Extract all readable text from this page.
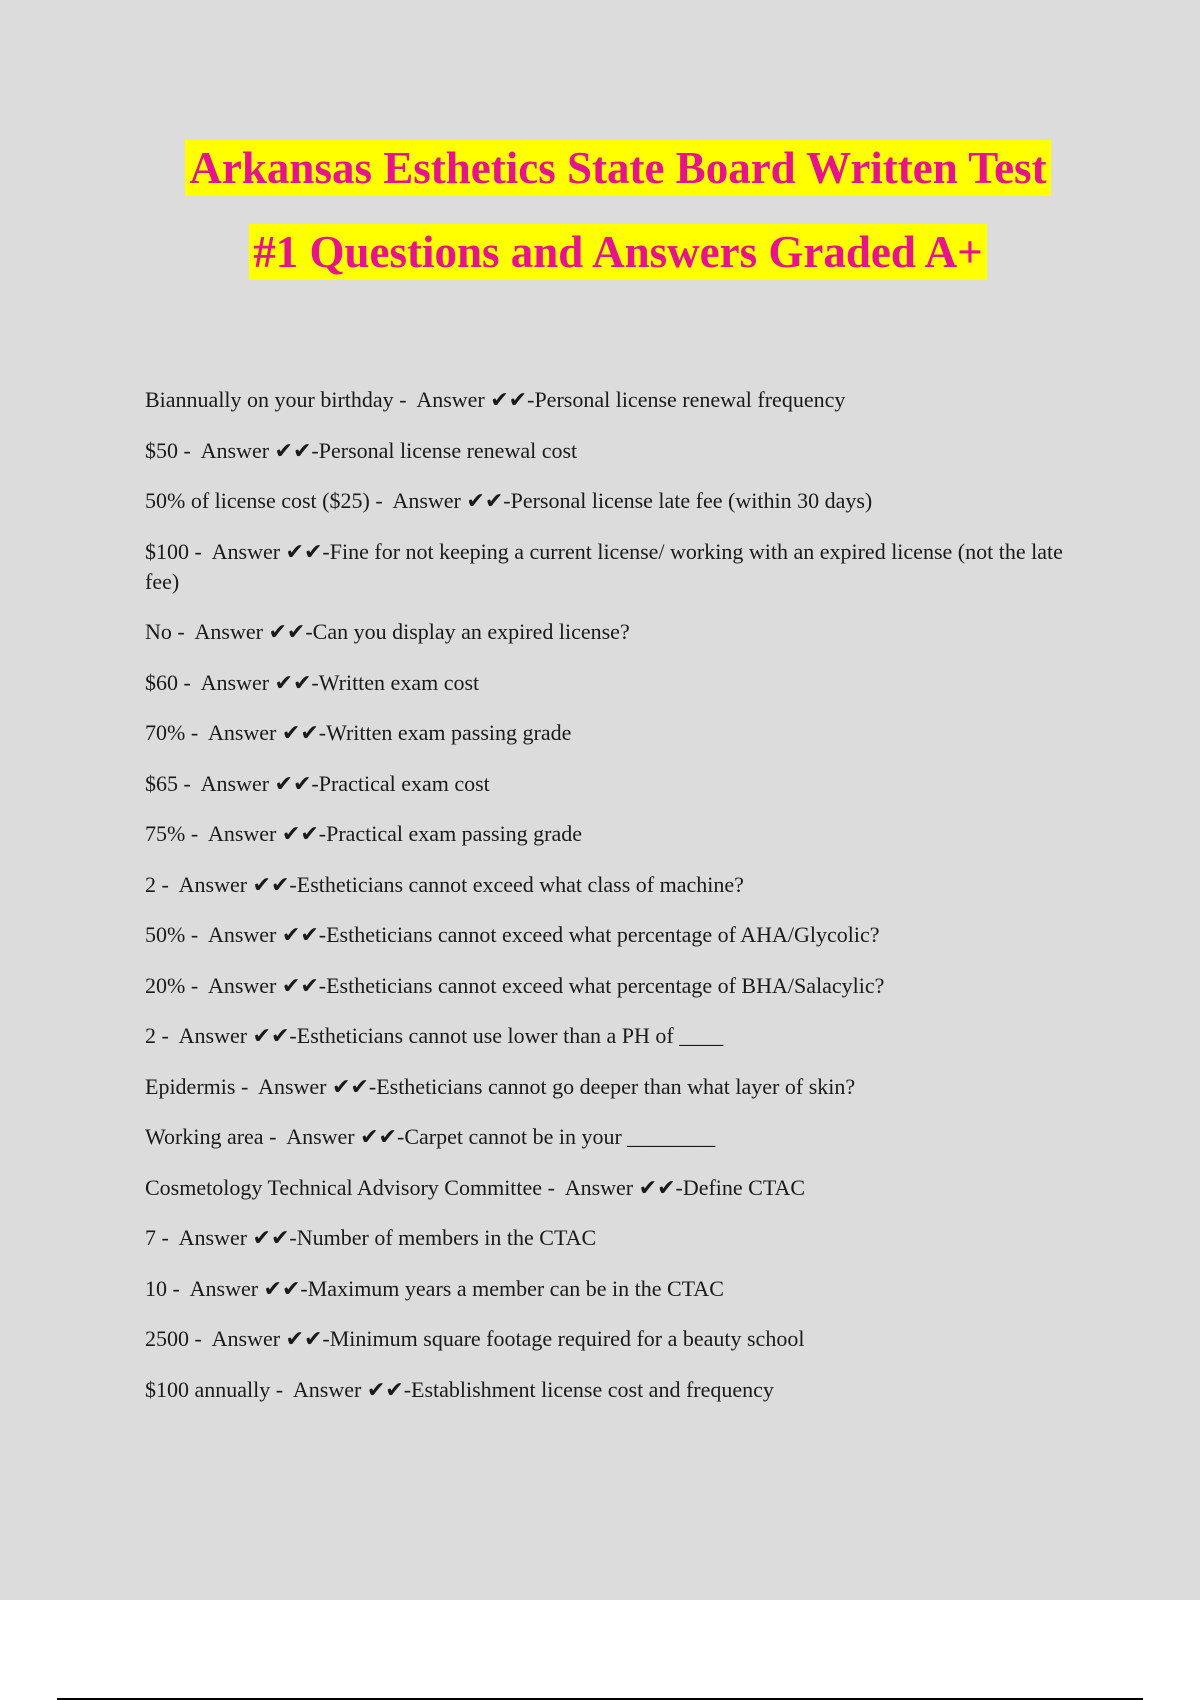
Arkansas Esthetics State Board Written Test
#1 Questions and Answers Graded A+
Biannually on your birthday -  Answer ✔✔-Personal license renewal frequency
$50 -  Answer ✔✔-Personal license renewal cost
50% of license cost ($25) -  Answer ✔✔-Personal license late fee (within 30 days)
$100 -  Answer ✔✔-Fine for not keeping a current license/ working with an expired license (not the late fee)
No -  Answer ✔✔-Can you display an expired license?
$60 -  Answer ✔✔-Written exam cost
70% -  Answer ✔✔-Written exam passing grade
$65 -  Answer ✔✔-Practical exam cost
75% -  Answer ✔✔-Practical exam passing grade
2 -  Answer ✔✔-Estheticians cannot exceed what class of machine?
50% -  Answer ✔✔-Estheticians cannot exceed what percentage of AHA/Glycolic?
20% -  Answer ✔✔-Estheticians cannot exceed what percentage of BHA/Salacylic?
2 -  Answer ✔✔-Estheticians cannot use lower than a PH of ____
Epidermis -  Answer ✔✔-Estheticians cannot go deeper than what layer of skin?
Working area -  Answer ✔✔-Carpet cannot be in your ________
Cosmetology Technical Advisory Committee -  Answer ✔✔-Define CTAC
7 -  Answer ✔✔-Number of members in the CTAC
10 -  Answer ✔✔-Maximum years a member can be in the CTAC
2500 -  Answer ✔✔-Minimum square footage required for a beauty school
$100 annually -  Answer ✔✔-Establishment license cost and frequency
